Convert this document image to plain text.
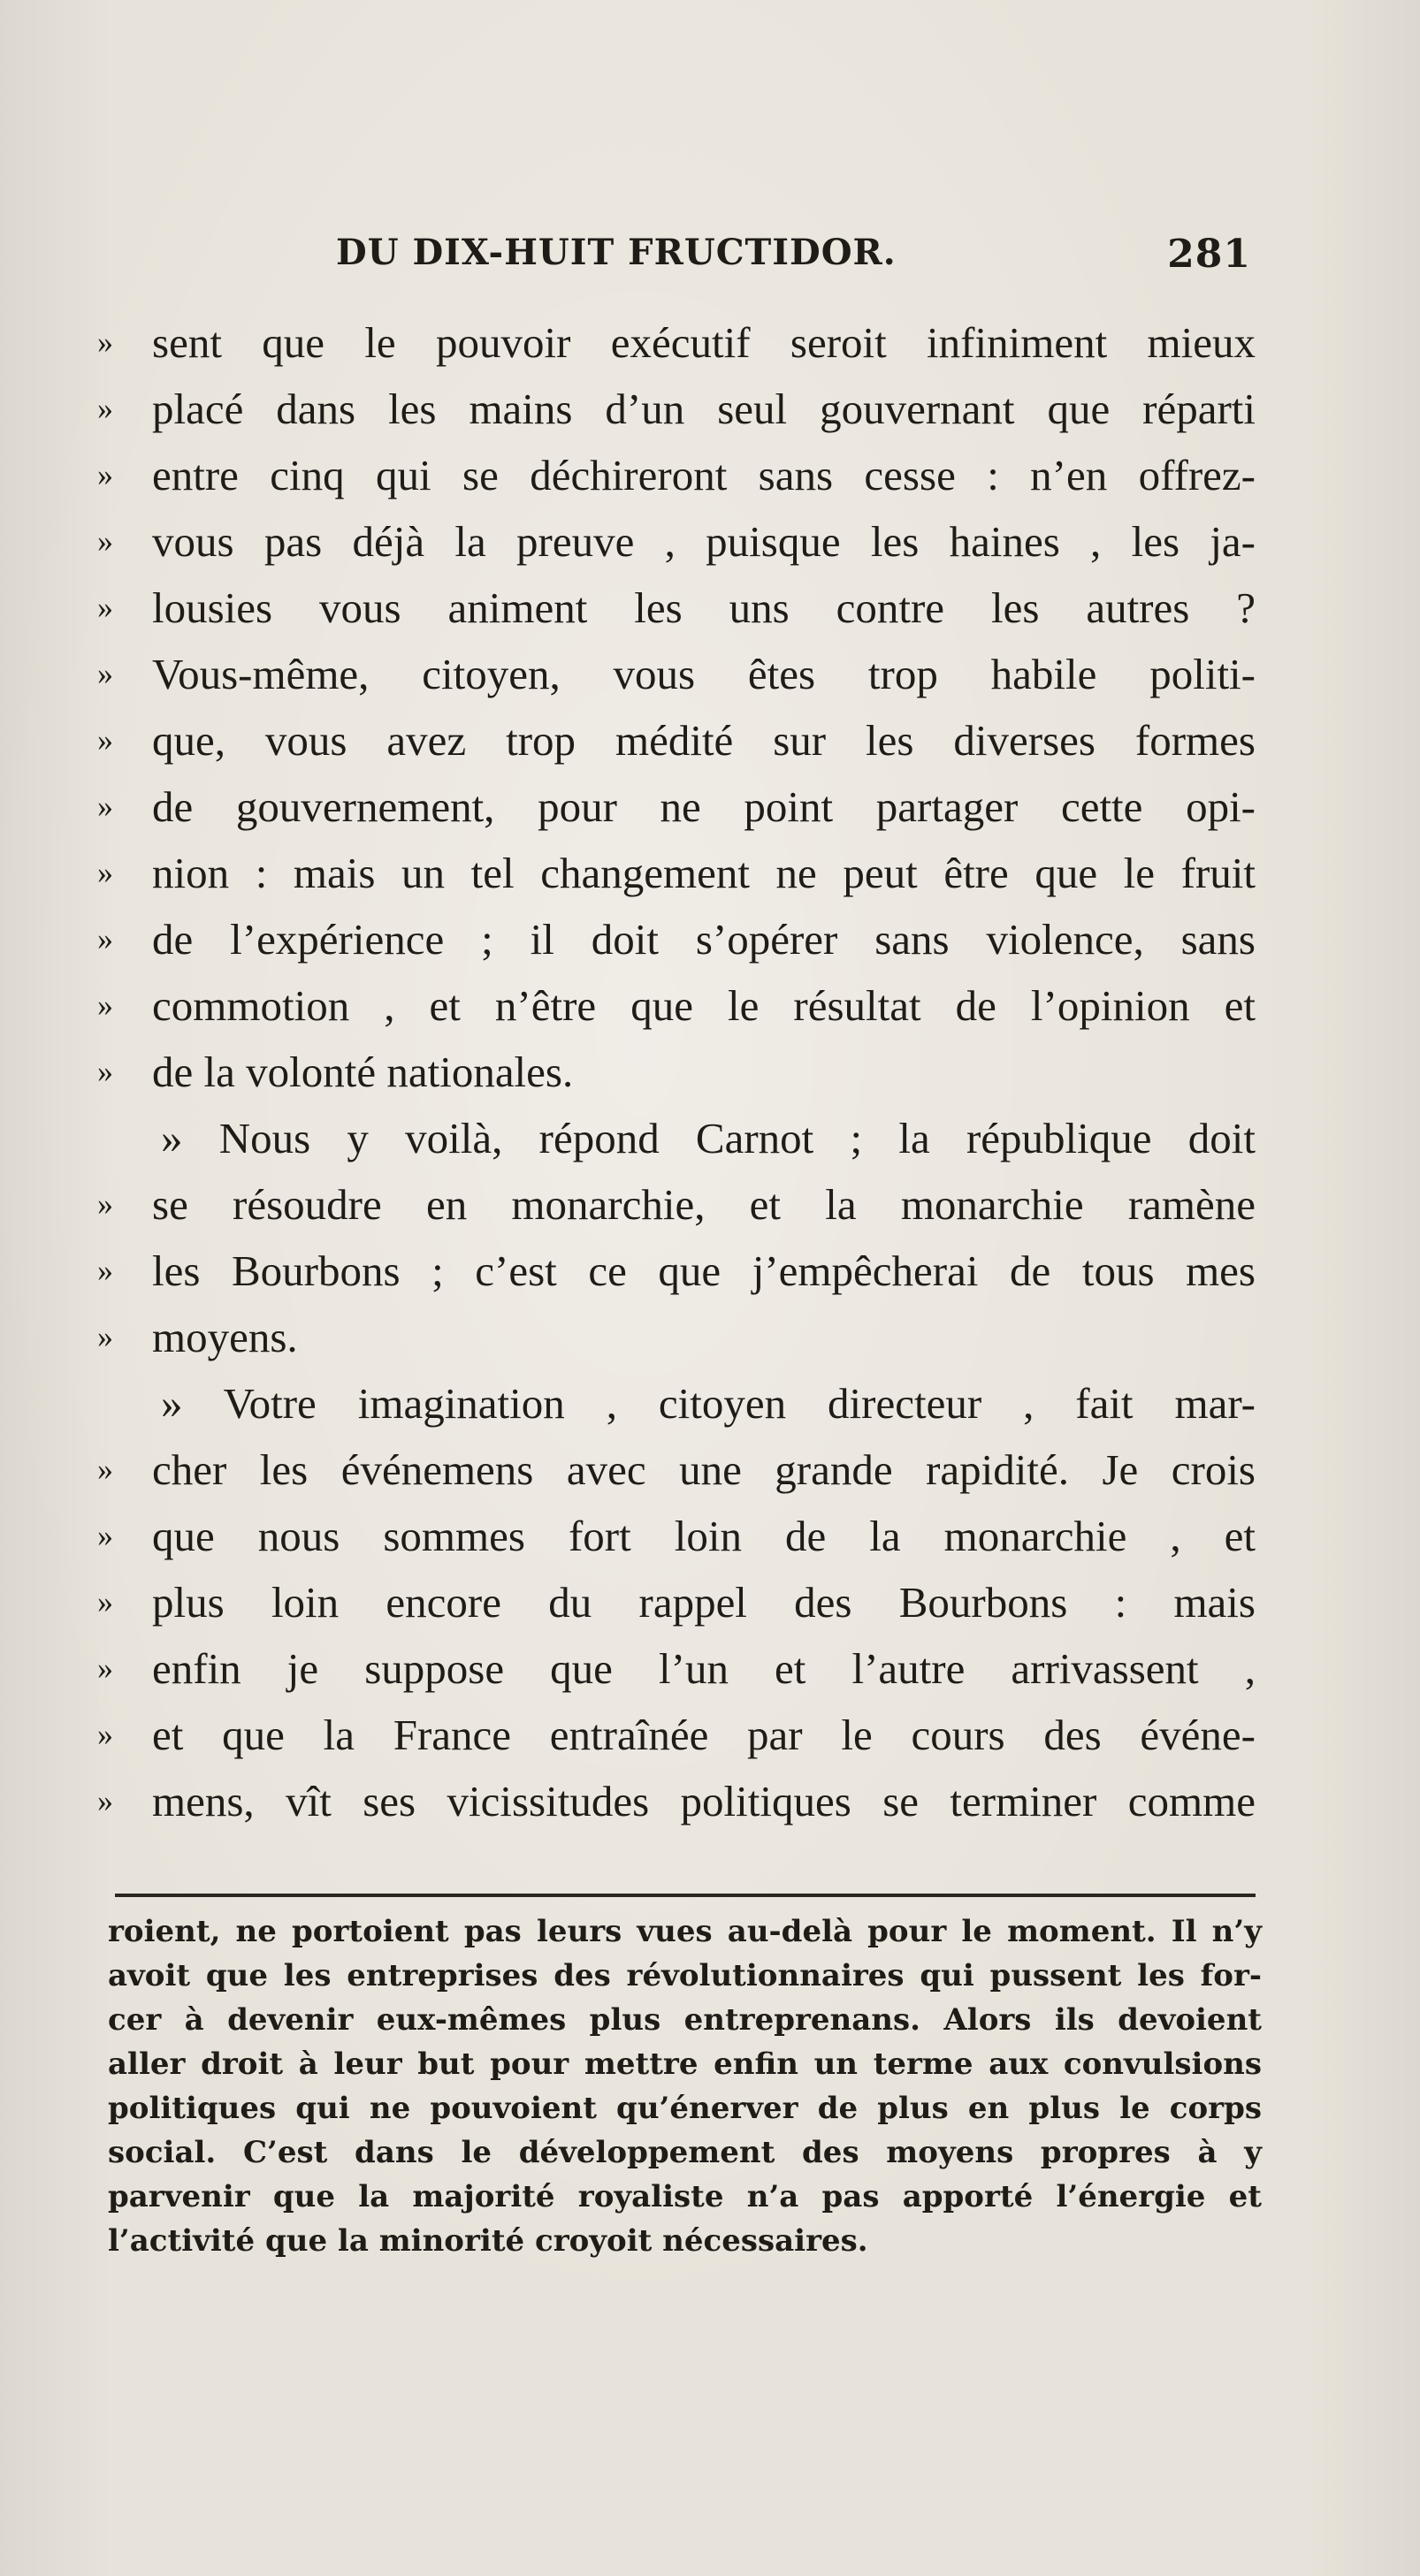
DU DIX-HUIT FRUCTIDOR.	281
» sent que le pouvoir exécutif seroit infiniment mieux
» placé dans les mains d’un seul gouvernant que réparti
» entre cinq qui se déchireront sans cesse : n’en offrez-
» vous pas déjà la preuve , puisque les haines , les ja-
» lousies vous animent les uns contre les autres ?
» Vous-même, citoyen, vous êtes trop habile politi-
» que, vous avez trop médité sur les diverses formes
» de gouvernement, pour ne point partager cette opi-
» nion : mais un tel changement ne peut être que le fruit
» de l’expérience ; il doit s’opérer sans violence, sans
» commotion , et n’être que le résultat de l’opinion et
» de la volonté nationales.
» Nous y voilà, répond Carnot ; la république doit
» se résoudre en monarchie, et la monarchie ramène
» les Bourbons ; c’est ce que j’empêcherai de tous mes
» moyens.
» Votre imagination , citoyen directeur , fait mar-
» cher les événemens avec une grande rapidité. Je crois
» que nous sommes fort loin de la monarchie , et
» plus loin encore du rappel des Bourbons : mais
» enfin je suppose que l’un et l’autre arrivassent ,
» et que la France entraînée par le cours des événe-
» mens, vît ses vicissitudes politiques se terminer comme
roient, ne portoient pas leurs vues au-delà pour le moment. Il n’y
avoit que les entreprises des révolutionnaires qui pussent les for-
cer à devenir eux-mêmes plus entreprenans. Alors ils devoient
aller droit à leur but pour mettre enfin un terme aux convulsions
politiques qui ne pouvoient qu’énerver de plus en plus le corps
social. C’est dans le développement des moyens propres à y
parvenir que la majorité royaliste n’a pas apporté l’énergie et
l’activité que la minorité croyoit nécessaires.
